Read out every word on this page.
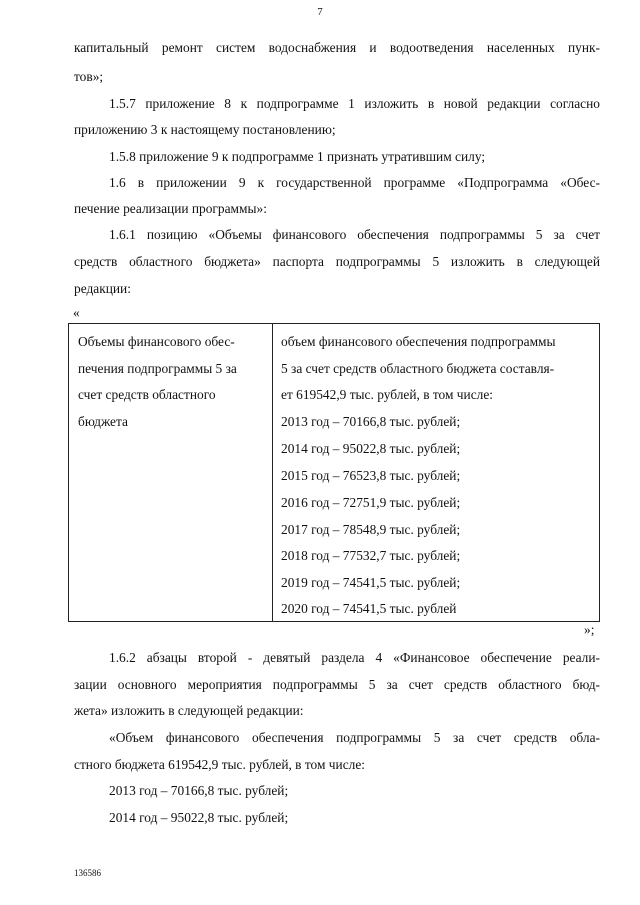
7
капитальный ремонт систем водоснабжения и водоотведения населенных пунк-
тов»;
1.5.7 приложение 8 к подпрограмме 1 изложить в новой редакции согласно
приложению 3 к настоящему постановлению;
1.5.8 приложение 9 к подпрограмме 1 признать утратившим силу;
1.6 в приложении 9 к государственной программе «Подпрограмма «Обес-
печение реализации программы»:
1.6.1 позицию «Объемы финансового обеспечения подпрограммы 5 за счет
средств областного бюджета» паспорта подпрограммы 5 изложить в следующей
редакции:
«
Объемы финансового обес-
печения подпрограммы 5 за
счет средств областного
бюджета
объем финансового обеспечения подпрограммы
5 за счет средств областного бюджета составля-
ет 619542,9 тыс. рублей, в том числе:
2013 год – 70166,8 тыс. рублей;
2014 год – 95022,8 тыс. рублей;
2015 год – 76523,8 тыс. рублей;
2016 год – 72751,9 тыс. рублей;
2017 год – 78548,9 тыс. рублей;
2018 год – 77532,7 тыс. рублей;
2019 год – 74541,5 тыс. рублей;
2020 год – 74541,5 тыс. рублей
»;
1.6.2 абзацы второй - девятый раздела 4 «Финансовое обеспечение реали-
зации основного мероприятия подпрограммы 5 за счет средств областного бюд-
жета» изложить в следующей редакции:
«Объем финансового обеспечения подпрограммы 5 за счет средств обла-
стного бюджета 619542,9 тыс. рублей, в том числе:
2013 год – 70166,8 тыс. рублей;
2014 год – 95022,8 тыс. рублей;
136586
